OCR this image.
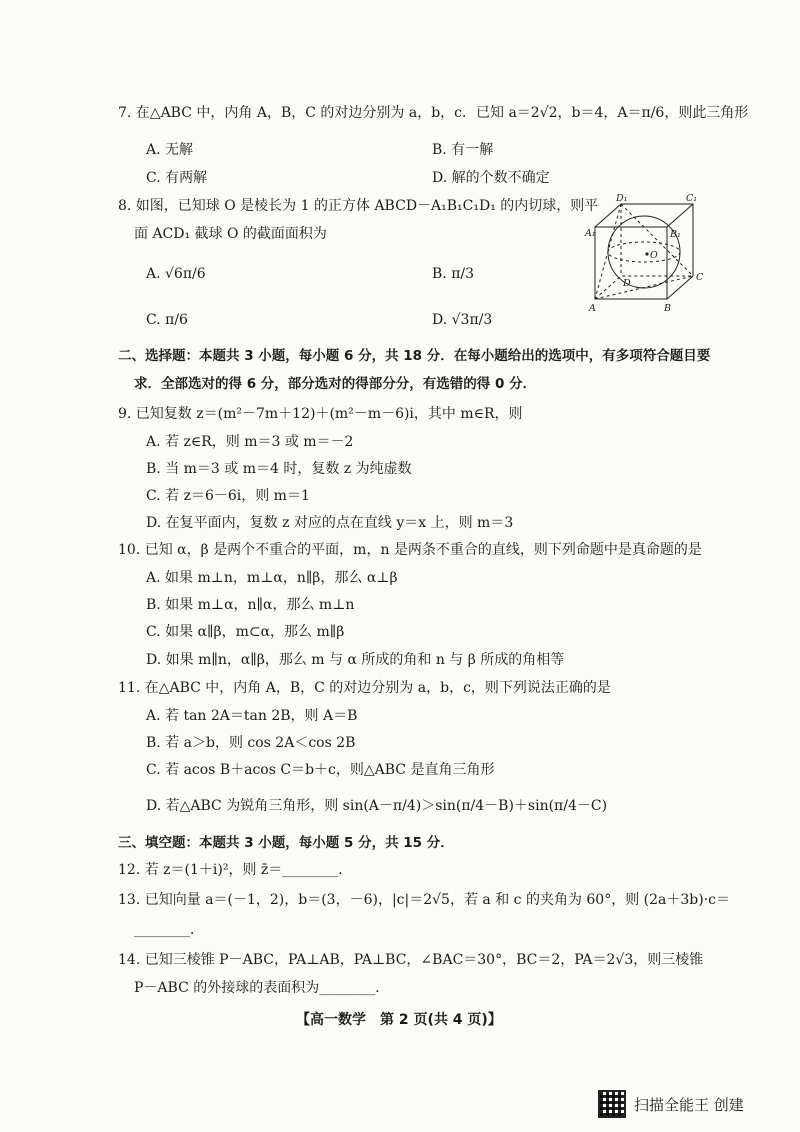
7. 在△ABC 中，内角 A，B，C 的对边分别为 a，b，c．已知 a＝2√2，b＝4，A＝π/6，则此三角形
A. 无解	B. 有一解
C. 有两解	D. 解的个数不确定
8. 如图，已知球 O 是棱长为 1 的正方体 ABCD－A₁B₁C₁D₁ 的内切球，则平
面 ACD₁ 截球 O 的截面面积为
A. √6π/6	B. π/3
C. π/6	D. √3π/3
D₁	C₁
A₁	B₁
O
D
C
A	B
二、选择题：本题共 3 小题，每小题 6 分，共 18 分．在每小题给出的选项中，有多项符合题目要
求．全部选对的得 6 分，部分选对的得部分分，有选错的得 0 分．
9. 已知复数 z＝(m²－7m＋12)＋(m²－m－6)i，其中 m∈R，则
A. 若 z∈R，则 m＝3 或 m＝－2
B. 当 m＝3 或 m＝4 时，复数 z 为纯虚数
C. 若 z＝6－6i，则 m＝1
D. 在复平面内，复数 z 对应的点在直线 y＝x 上，则 m＝3
10. 已知 α，β 是两个不重合的平面，m，n 是两条不重合的直线，则下列命题中是真命题的是
A. 如果 m⊥n，m⊥α，n∥β，那么 α⊥β
B. 如果 m⊥α，n∥α，那么 m⊥n
C. 如果 α∥β，m⊂α，那么 m∥β
D. 如果 m∥n，α∥β，那么 m 与 α 所成的角和 n 与 β 所成的角相等
11. 在△ABC 中，内角 A，B，C 的对边分别为 a，b，c，则下列说法正确的是
A. 若 tan 2A＝tan 2B，则 A＝B
B. 若 a＞b，则 cos 2A＜cos 2B
C. 若 acos B＋acos C＝b＋c，则△ABC 是直角三角形
D. 若△ABC 为锐角三角形，则 sin(A－π/4)＞sin(π/4－B)＋sin(π/4－C)
三、填空题：本题共 3 小题，每小题 5 分，共 15 分．
12. 若 z＝(1＋i)²，则 z̄＝________．
13. 已知向量 a＝(－1，2)，b＝(3，－6)，|c|＝2√5，若 a 和 c 的夹角为 60°，则 (2a＋3b)·c＝
________．
14. 已知三棱锥 P－ABC，PA⊥AB，PA⊥BC，∠BAC＝30°，BC＝2，PA＝2√3，则三棱锥
P－ABC 的外接球的表面积为________．
【高一数学　第 2 页(共 4 页)】
扫描全能王 创建
